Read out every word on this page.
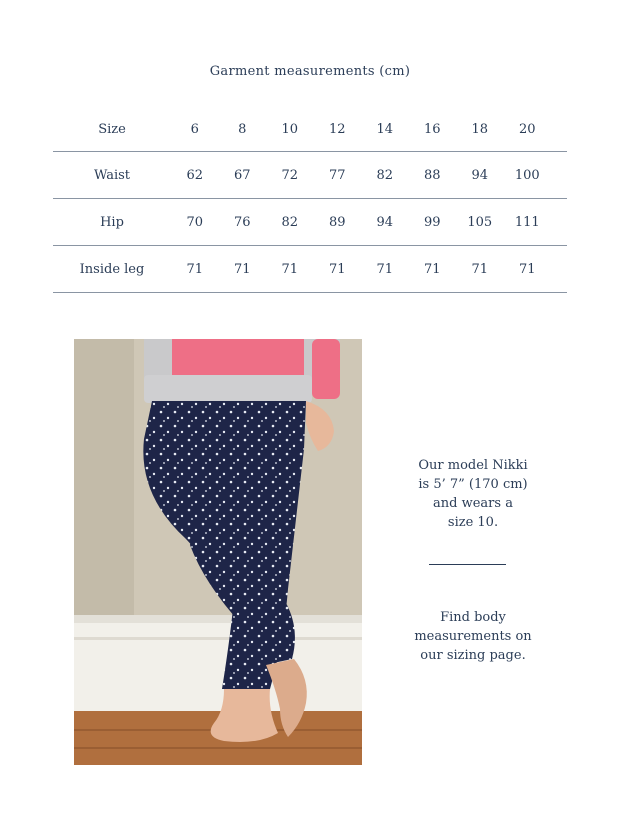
Garment measurements (cm)
Size	6	8	10	12	14	16	18	20
Waist	62	67	72	77	82	88	94	100
Hip	70	76	82	89	94	99	105	111
Inside leg	71	71	71	71	71	71	71	71
Our model Nikki
is 5’ 7” (170 cm)
and wears a
size 10.
Find body
measurements on
our sizing page.
